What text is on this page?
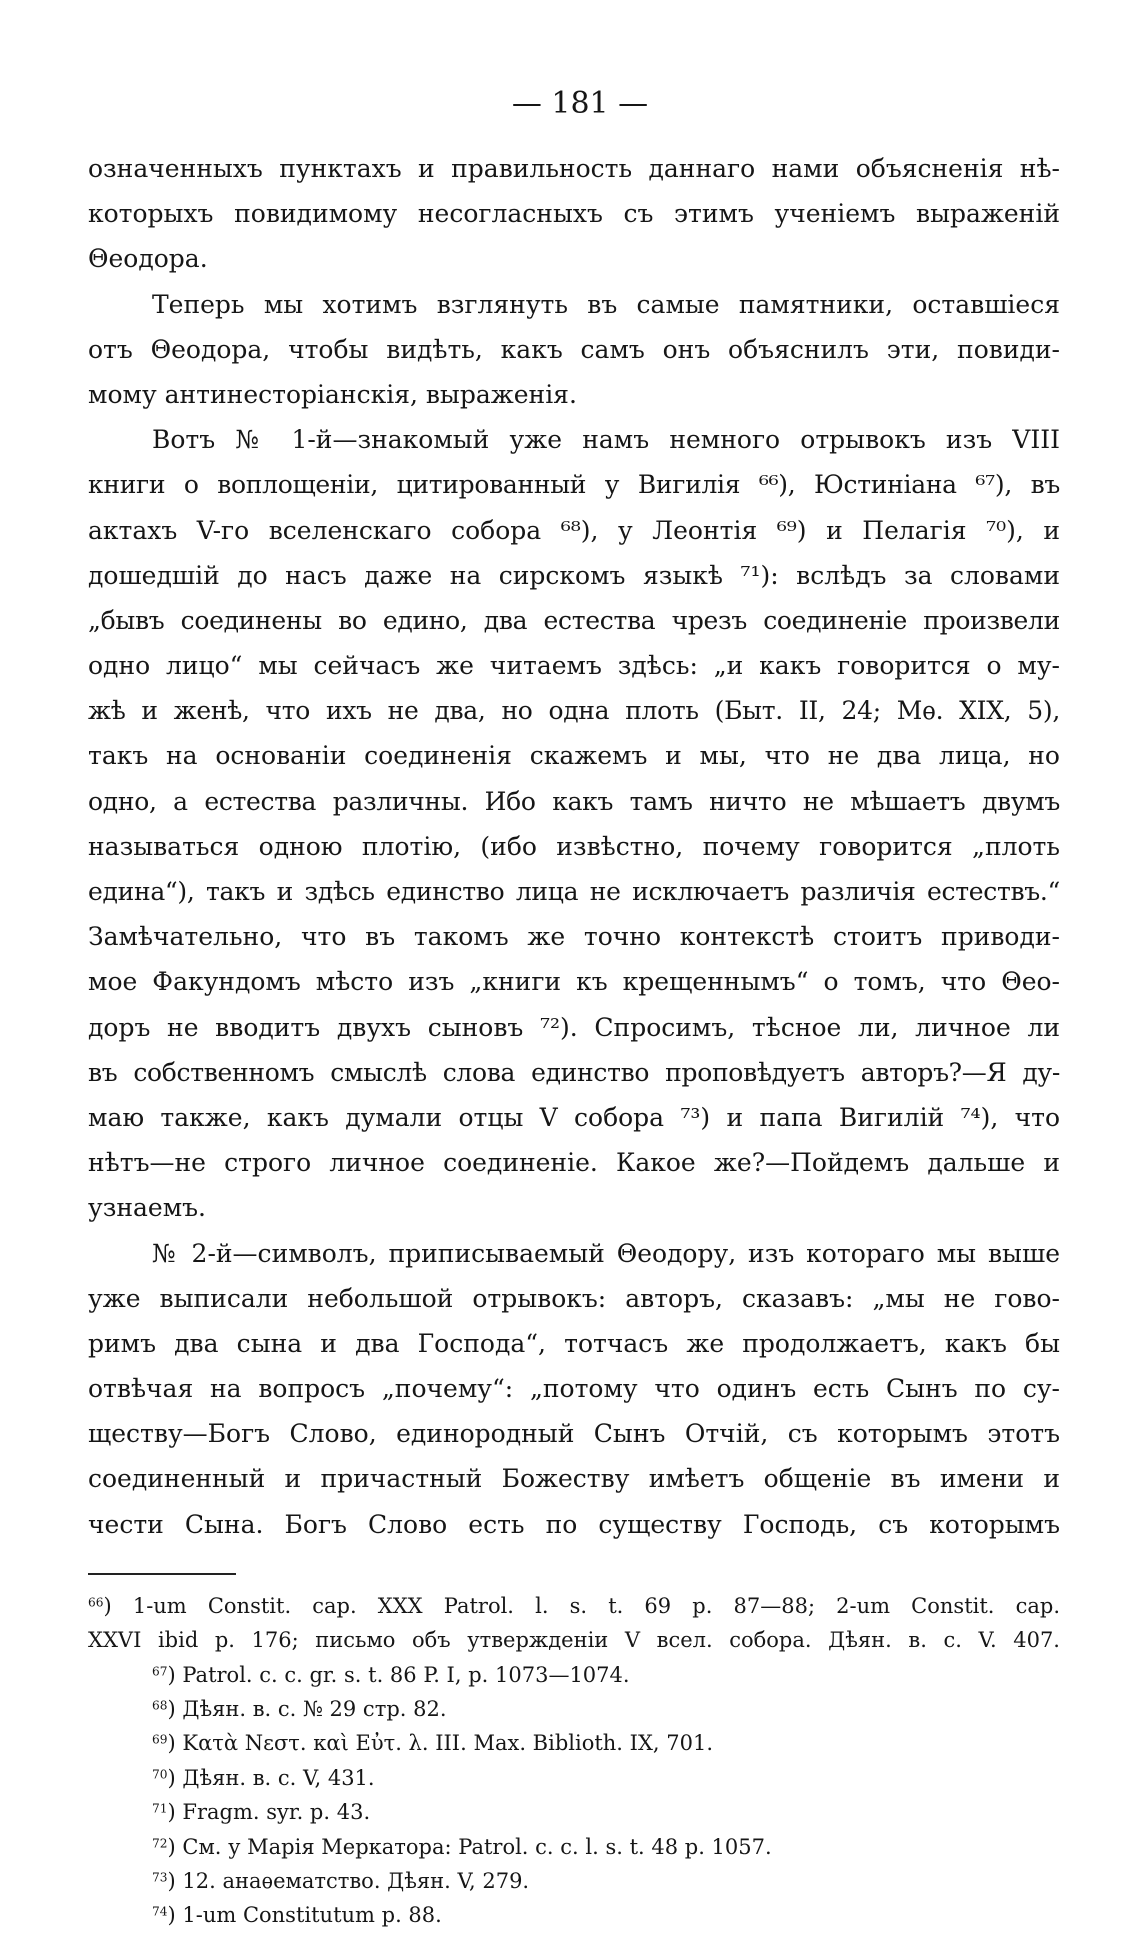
— 181 —
означенныхъ пунктахъ и правильность даннаго нами объясненія нѣ-
которыхъ повидимому несогласныхъ съ этимъ ученіемъ выраженій
Θеодора.
Теперь мы хотимъ взглянуть въ самые памятники, оставшіеся
отъ Θеодора, чтобы видѣть, какъ самъ онъ объяснилъ эти, повиди-
мому антинесторіанскія, выраженія.
Вотъ № 1-й—знакомый уже намъ немного отрывокъ изъ VIII
книги о воплощеніи, цитированный у Вигилія ⁶⁶), Юстиніана ⁶⁷), въ
актахъ V-го вселенскаго собора ⁶⁸), у Леонтія ⁶⁹) и Пелагія ⁷⁰), и
дошедшій до насъ даже на сирскомъ языкѣ ⁷¹): вслѣдъ за словами
„бывъ соединены во едино, два естества чрезъ соединеніе произвели
одно лицо“ мы сейчасъ же читаемъ здѣсь: „и какъ говорится о му-
жѣ и женѣ, что ихъ не два, но одна плоть (Быт. II, 24; Мѳ. XIX, 5),
такъ на основаніи соединенія скажемъ и мы, что не два лица, но
одно, а естества различны. Ибо какъ тамъ ничто не мѣшаетъ двумъ
называться одною плотію, (ибо извѣстно, почему говорится „плоть
едина“), такъ и здѣсь единство лица не исключаетъ различія естествъ.“
Замѣчательно, что въ такомъ же точно контекстѣ стоитъ приводи-
мое Факундомъ мѣсто изъ „книги къ крещеннымъ“ о томъ, что Θео-
доръ не вводитъ двухъ сыновъ ⁷²). Спросимъ, тѣсное ли, личное ли
въ собственномъ смыслѣ слова единство проповѣдуетъ авторъ?—Я ду-
маю также, какъ думали отцы V собора ⁷³) и папа Вигилій ⁷⁴), что
нѣтъ—не строго личное соединеніе. Какое же?—Пойдемъ дальше и
узнаемъ.
№ 2-й—символъ, приписываемый Θеодору, изъ котораго мы выше
уже выписали небольшой отрывокъ: авторъ, сказавъ: „мы не гово-
римъ два сына и два Господа“, тотчасъ же продолжаетъ, какъ бы
отвѣчая на вопросъ „почему“: „потому что одинъ есть Сынъ по су-
ществу—Богъ Слово, единородный Сынъ Отчій, съ которымъ этотъ
соединенный и причастный Божеству имѣетъ общеніе въ имени и
чести Сына. Богъ Слово есть по существу Господь, съ которымъ
$^{66}$) 1-um Constit. cap. XXX Patrol. l. s. t. 69 p. 87—88; 2-um Constit. cap.
XXVI ibid p. 176; письмо объ утвержденіи V всел. собора. Дѣян. в. с. V. 407.
$^{67}$) Patrol. c. c. gr. s. t. 86 P. I, p. 1073—1074.
$^{68}$) Дѣян. в. с. № 29 стр. 82.
$^{69}$) Κατὰ Νεστ. καὶ Εὐτ. λ. III. Max. Biblioth. IX, 701.
$^{70}$) Дѣян. в. с. V, 431.
$^{71}$) Fragm. syr. p. 43.
$^{72}$) См. у Марія Меркатора: Patrol. c. c. l. s. t. 48 p. 1057.
$^{73}$) 12. анаѳематство. Дѣян. V, 279.
$^{74}$) 1-um Constitutum p. 88.
